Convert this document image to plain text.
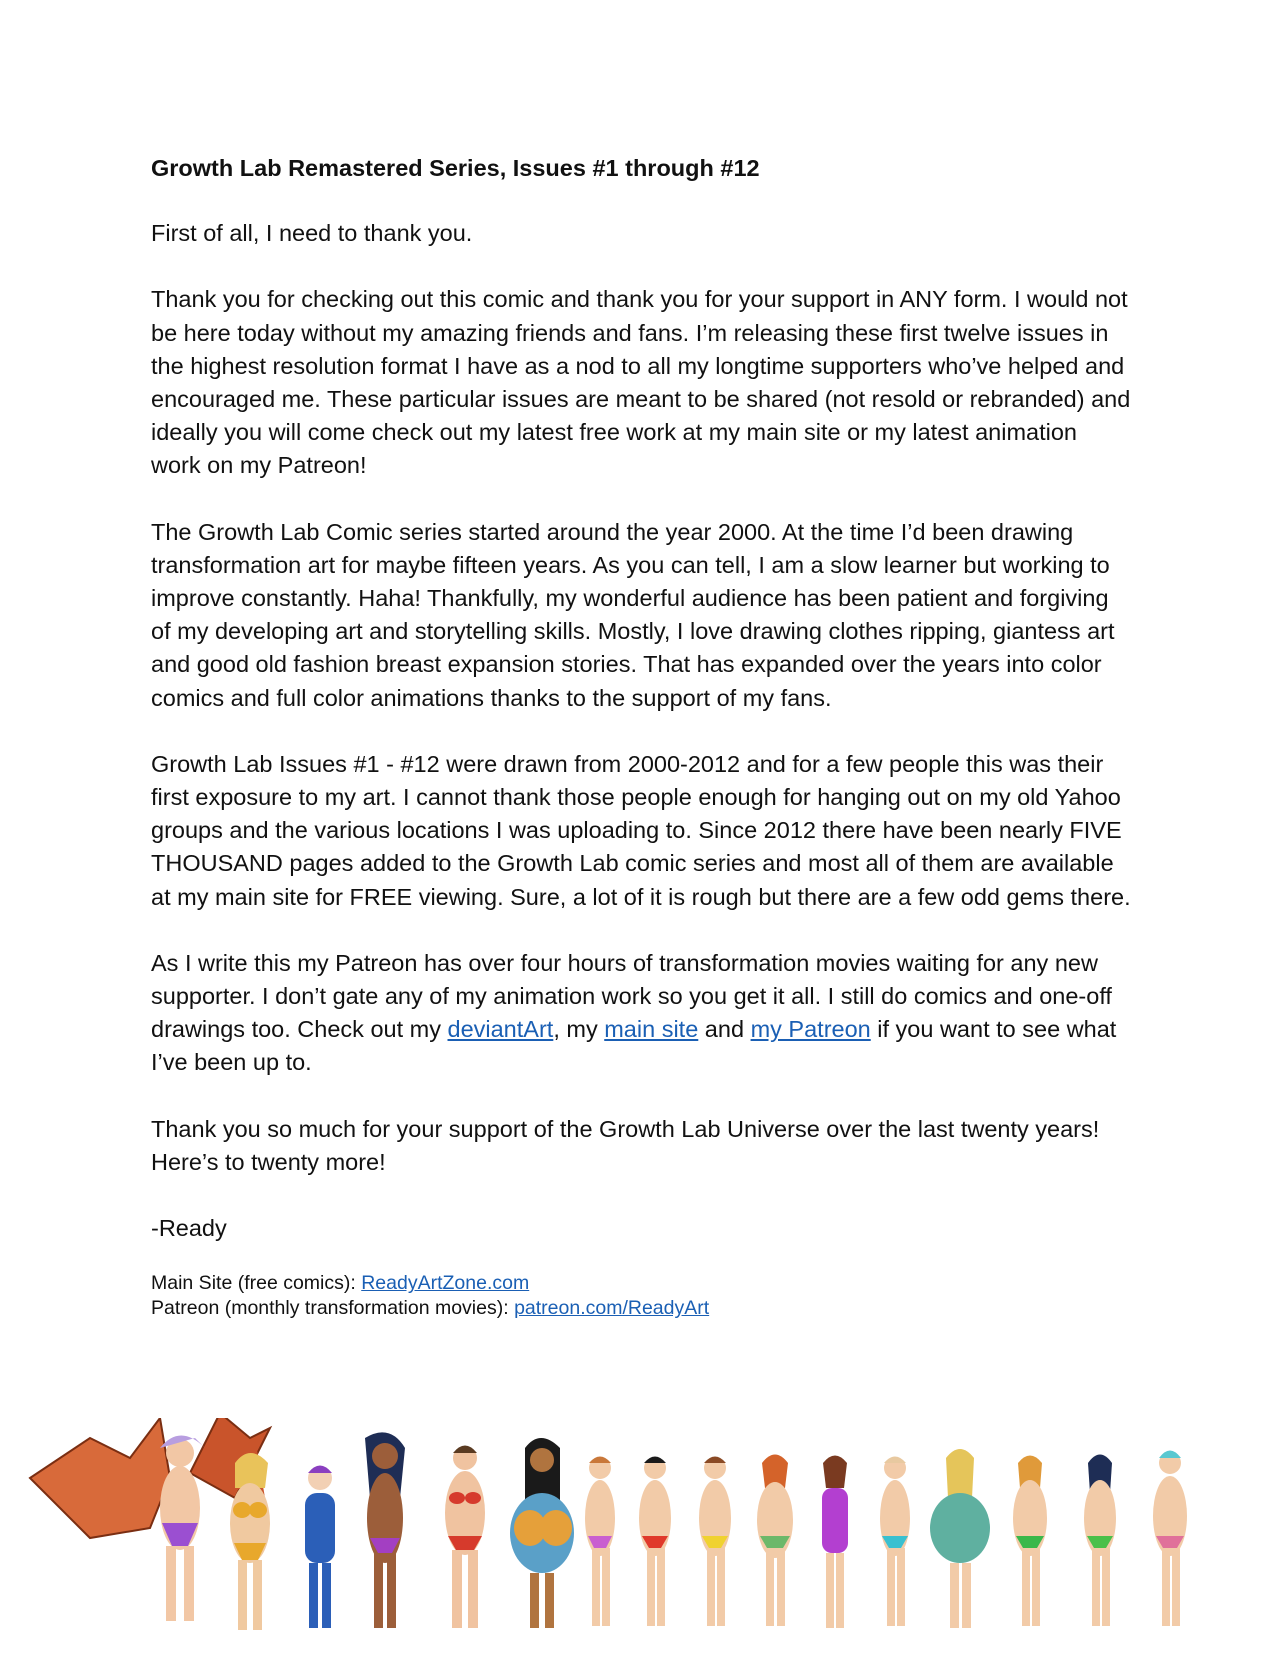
Growth Lab Remastered Series, Issues #1 through #12

First of all, I need to thank you.

Thank you for checking out this comic and thank you for your support in ANY form. I would not be here today without my amazing friends and fans. I’m releasing these first twelve issues in the highest resolution format I have as a nod to all my longtime supporters who’ve helped and encouraged me. These particular issues are meant to be shared (not resold or rebranded) and ideally you will come check out my latest free work at my main site or my latest animation work on my Patreon!

The Growth Lab Comic series started around the year 2000. At the time I’d been drawing transformation art for maybe fifteen years. As you can tell, I am a slow learner but working to improve constantly. Haha! Thankfully, my wonderful audience has been patient and forgiving of my developing art and storytelling skills. Mostly, I love drawing clothes ripping, giantess art and good old fashion breast expansion stories. That has expanded over the years into color comics and full color animations thanks to the support of my fans.

Growth Lab Issues #1 - #12 were drawn from 2000-2012 and for a few people this was their first exposure to my art. I cannot thank those people enough for hanging out on my old Yahoo groups and the various locations I was uploading to. Since 2012 there have been nearly FIVE THOUSAND pages added to the Growth Lab comic series and most all of them are available at my main site for FREE viewing. Sure, a lot of it is rough but there are a few odd gems there.

As I write this my Patreon has over four hours of transformation movies waiting for any new supporter. I don’t gate any of my animation work so you get it all. I still do comics and one-off drawings too. Check out my deviantArt, my main site and my Patreon if you want to see what I’ve been up to.

Thank you so much for your support of the Growth Lab Universe over the last twenty years! Here’s to twenty more!

-Ready

Main Site (free comics): ReadyArtZone.com
Patreon (monthly transformation movies): patreon.com/ReadyArt
